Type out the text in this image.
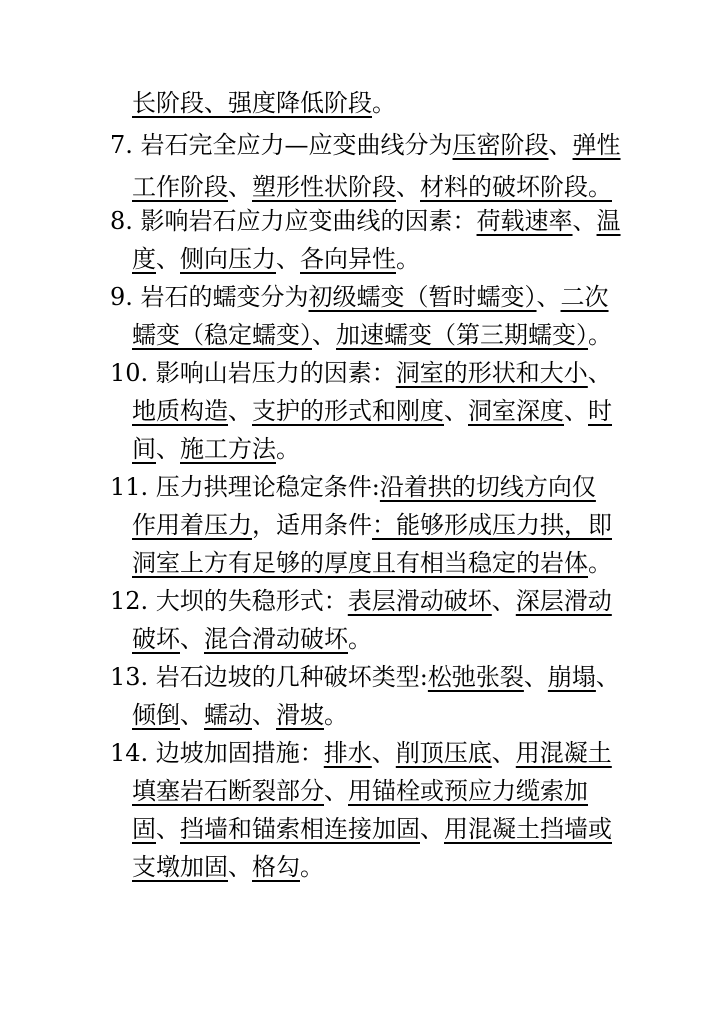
长阶段、强度降低阶段。
7. 岩石完全应力—应变曲线分为压密阶段、弹性
工作阶段、塑形性状阶段、材料的破坏阶段。
8. 影响岩石应力应变曲线的因素：荷载速率、温
度、侧向压力、各向异性。
9. 岩石的蠕变分为初级蠕变（暂时蠕变）、二次
蠕变（稳定蠕变）、加速蠕变（第三期蠕变）。
10. 影响山岩压力的因素：洞室的形状和大小、
地质构造、支护的形式和刚度、洞室深度、时
间、施工方法。
11. 压力拱理论稳定条件:沿着拱的切线方向仅
作用着压力，适用条件：能够形成压力拱，即
洞室上方有足够的厚度且有相当稳定的岩体。
12. 大坝的失稳形式：表层滑动破坏、深层滑动
破坏、混合滑动破坏。
13. 岩石边坡的几种破坏类型:松弛张裂、崩塌、
倾倒、蠕动、滑坡。
14. 边坡加固措施：排水、削顶压底、用混凝土
填塞岩石断裂部分、用锚栓或预应力缆索加
固、挡墙和锚索相连接加固、用混凝土挡墙或
支墩加固、格勾。
